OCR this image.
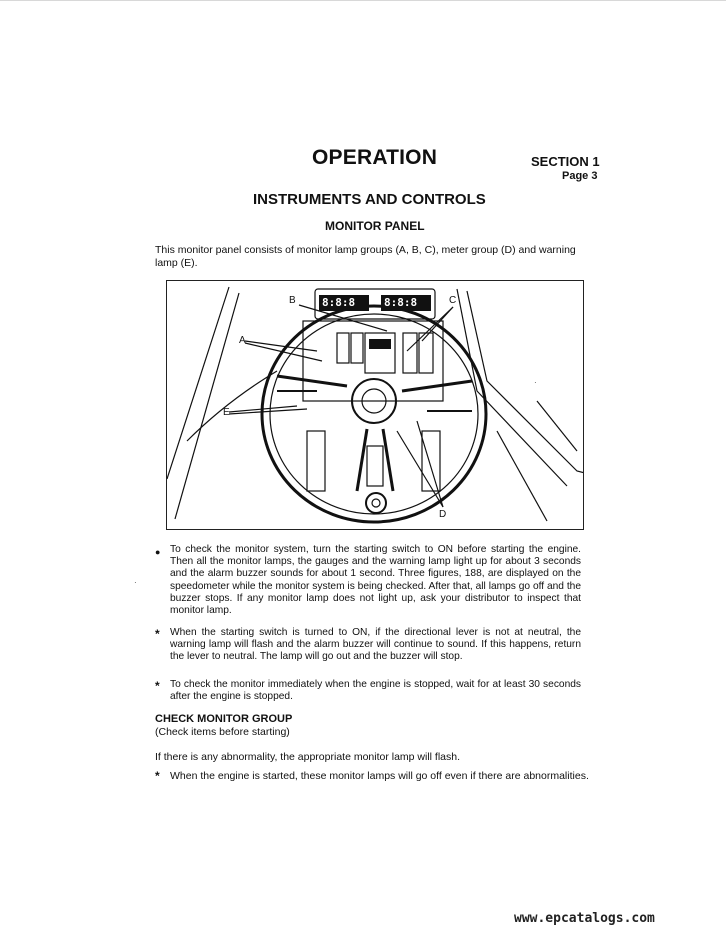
OPERATION	SECTION 1
Page 3
INSTRUMENTS AND CONTROLS
MONITOR PANEL
This monitor panel consists of monitor lamp groups (A, B, C), meter group (D) and warning lamp (E).
8:8:8	8:8:8
A
B	C
D
E
● To check the monitor system, turn the starting switch to ON before starting the engine. Then all the monitor lamps, the gauges and the warning lamp light up for about 3 seconds and the alarm buzzer sounds for about 1 second. Three figures, 188, are displayed on the speedometer while the monitor system is being checked. After that, all lamps go off and the buzzer stops. If any monitor lamp does not light up, ask your distributor to inspect that monitor lamp.
* When the starting switch is turned to ON, if the directional lever is not at neutral, the warning lamp will flash and the alarm buzzer will continue to sound. If this happens, return the lever to neutral. The lamp will go out and the buzzer will stop.
* To check the monitor immediately when the engine is stopped, wait for at least 30 seconds after the engine is stopped.
CHECK MONITOR GROUP
(Check items before starting)
If there is any abnormality, the appropriate monitor lamp will flash.
* When the engine is started, these monitor lamps will go off even if there are abnormalities.
·
·
www.epcatalogs.com
